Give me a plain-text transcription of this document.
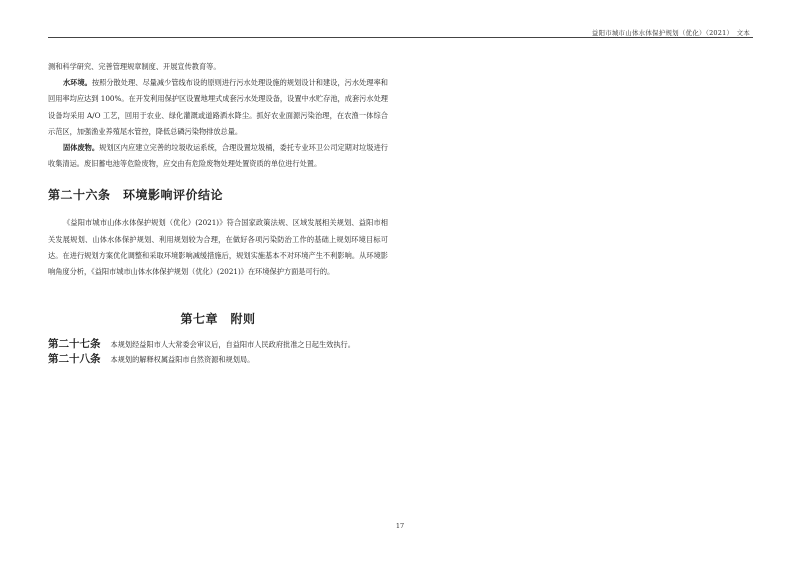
益阳市城市山体水体保护规划（优化）（2021）　文本

测和科学研究、完善管理规章制度、开展宣传教育等。

水环境。按照分散处理、尽量减少管线布设的原则进行污水处理设施的规划设计和建设，污水处理率和回用率均应达到 100%。在开发利用保护区设置地埋式成套污水处理设备，设置中水贮存池，成套污水处理设备均采用 A/O 工艺，回用于农业、绿化灌溉或道路洒水降尘。抓好农业面源污染治理，在农渔一体综合示范区，加强渔业养殖尾水管控，降低总磷污染物排放总量。

固体废物。规划区内应建立完善的垃圾收运系统，合理设置垃圾桶，委托专业环卫公司定期对垃圾进行收集清运。废旧蓄电池等危险废物，应交由有危险废物处理处置资质的单位进行处置。

第二十六条　环境影响评价结论

《益阳市城市山体水体保护规划（优化）(2021)》符合国家政策法规、区域发展相关规划、益阳市相关发展规划、山体水体保护规划、利用规划较为合理，在做好各项污染防治工作的基础上规划环境目标可达。在进行规划方案优化调整和采取环境影响减缓措施后，规划实施基本不对环境产生不利影响。从环境影响角度分析，《益阳市城市山体水体保护规划（优化）(2021)》在环境保护方面是可行的。

第七章　附则
第二十七条 本规划经益阳市人大常委会审议后，自益阳市人民政府批准之日起生效执行。
第二十八条 本规划的解释权属益阳市自然资源和规划局。
17
